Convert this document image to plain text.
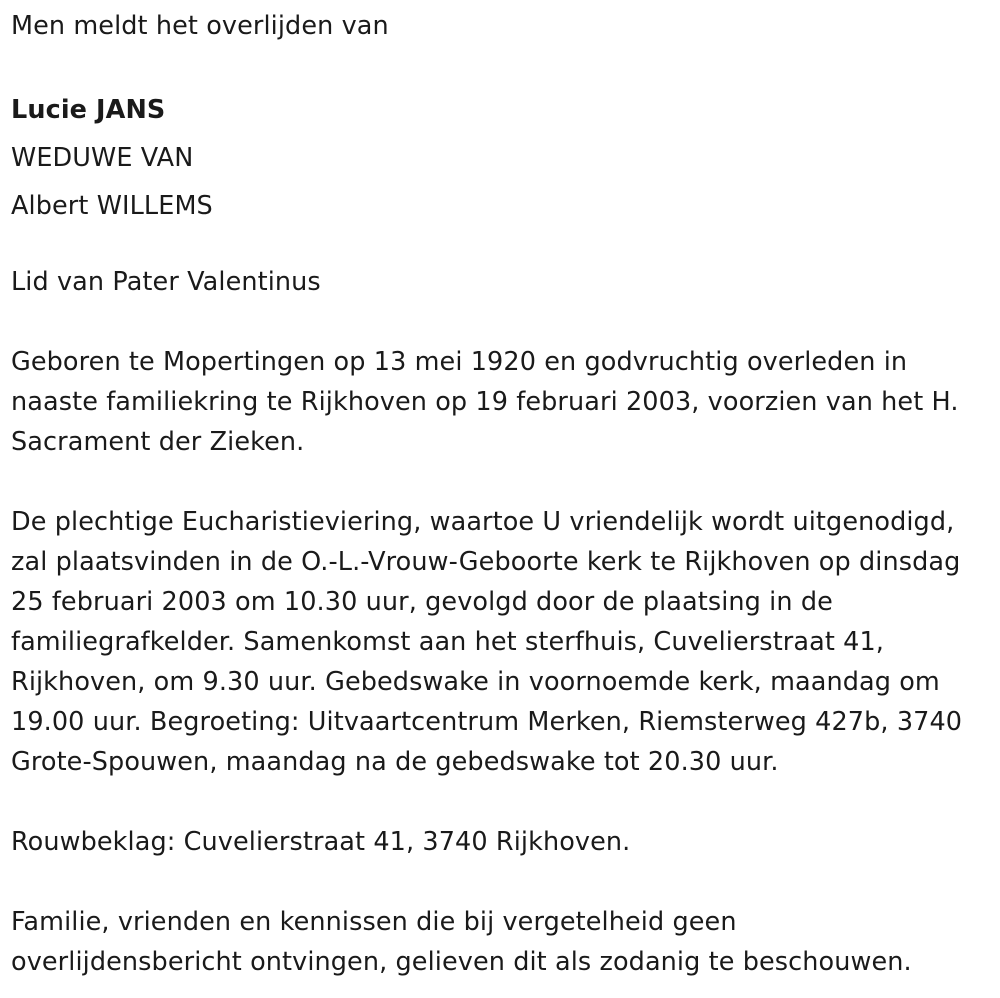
Men meldt het overlijden van
Lucie JANS
WEDUWE VAN
Albert WILLEMS
Lid van Pater Valentinus
Geboren te Mopertingen op 13 mei 1920 en godvruchtig overleden in
naaste familiekring te Rijkhoven op 19 februari 2003, voorzien van het H.
Sacrament der Zieken.
De plechtige Eucharistieviering, waartoe U vriendelijk wordt uitgenodigd,
zal plaatsvinden in de O.-L.-Vrouw-Geboorte kerk te Rijkhoven op dinsdag
25 februari 2003 om 10.30 uur, gevolgd door de plaatsing in de
familiegrafkelder. Samenkomst aan het sterfhuis, Cuvelierstraat 41,
Rijkhoven, om 9.30 uur. Gebedswake in voornoemde kerk, maandag om
19.00 uur. Begroeting: Uitvaartcentrum Merken, Riemsterweg 427b, 3740
Grote-Spouwen, maandag na de gebedswake tot 20.30 uur.
Rouwbeklag: Cuvelierstraat 41, 3740 Rijkhoven.
Familie, vrienden en kennissen die bij vergetelheid geen
overlijdensbericht ontvingen, gelieven dit als zodanig te beschouwen.
